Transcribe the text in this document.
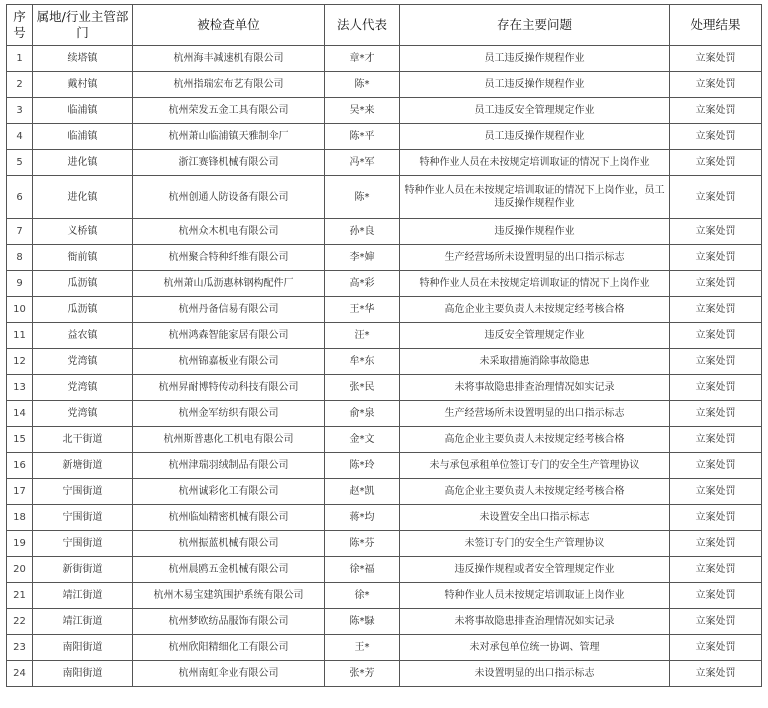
序号	属地/行业主管部门	被检查单位	法人代表	存在主要问题	处理结果
1	续塔镇	杭州海丰减速机有限公司	章*才	员工违反操作规程作业	立案处罚
2	戴村镇	杭州指瑞宏布艺有限公司	陈*	员工违反操作规程作业	立案处罚
3	临浦镇	杭州荣发五金工具有限公司	吴*来	员工违反安全管理规定作业	立案处罚
4	临浦镇	杭州萧山临浦镇天雅制伞厂	陈*平	员工违反操作规程作业	立案处罚
5	进化镇	浙江赛锋机械有限公司	冯*军	特种作业人员在未按规定培训取证的情况下上岗作业	立案处罚
6	进化镇	杭州创通人防设备有限公司	陈*	特种作业人员在未按规定培训取证的情况下上岗作业，员工违反操作规程作业	立案处罚
7	义桥镇	杭州众木机电有限公司	孙*良	违反操作规程作业	立案处罚
8	衙前镇	杭州聚合特种纤维有限公司	李*婶	生产经营场所未设置明显的出口指示标志	立案处罚
9	瓜沥镇	杭州萧山瓜沥惠林钢构配件厂	高*彩	特种作业人员在未按规定培训取证的情况下上岗作业	立案处罚
10	瓜沥镇	杭州丹备信易有限公司	王*华	高危企业主要负责人未按规定经考核合格	立案处罚
11	益农镇	杭州鸿森智能家居有限公司	汪*	违反安全管理规定作业	立案处罚
12	党湾镇	杭州锦嘉板业有限公司	牟*东	未采取措施消除事故隐患	立案处罚
13	党湾镇	杭州昇耐博特传动科技有限公司	张*民	未将事故隐患排查治理情况如实记录	立案处罚
14	党湾镇	杭州金军纺织有限公司	俞*泉	生产经营场所未设置明显的出口指示标志	立案处罚
15	北干街道	杭州斯普惠化工机电有限公司	金*文	高危企业主要负责人未按规定经考核合格	立案处罚
16	新塘街道	杭州津瑞羽绒制品有限公司	陈*玲	未与承包承租单位签订专门的安全生产管理协议	立案处罚
17	宁围街道	杭州诚彩化工有限公司	赵*凯	高危企业主要负责人未按规定经考核合格	立案处罚
18	宁围街道	杭州临灿精密机械有限公司	蒋*均	未设置安全出口指示标志	立案处罚
19	宁围街道	杭州振蓝机械有限公司	陈*芬	未签订专门的安全生产管理协议	立案处罚
20	新街街道	杭州晨鸥五金机械有限公司	徐*福	违反操作规程或者安全管理规定作业	立案处罚
21	靖江街道	杭州木易宝建筑围护系统有限公司	徐*	特种作业人员未按规定培训取证上岗作业	立案处罚
22	靖江街道	杭州梦欧纺品服饰有限公司	陈*騄	未将事故隐患排查治理情况如实记录	立案处罚
23	南阳街道	杭州欣阳精细化工有限公司	王*	未对承包单位统一协调、管理	立案处罚
24	南阳街道	杭州南虹伞业有限公司	张*芳	未设置明显的出口指示标志	立案处罚
